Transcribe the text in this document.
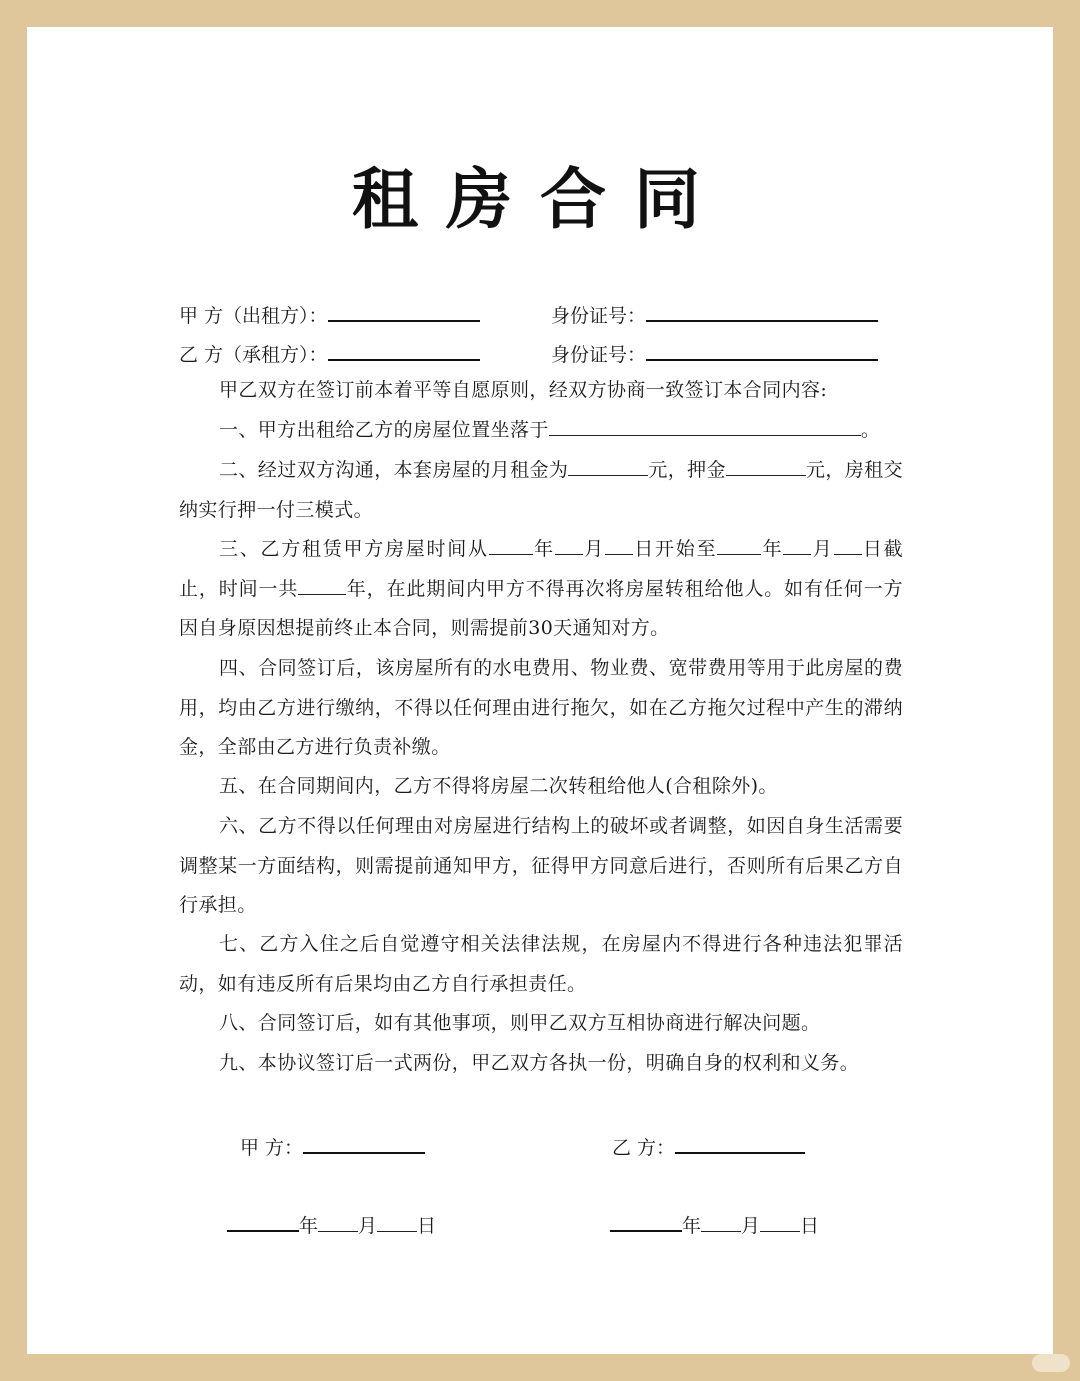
租房合同
甲 方（出租方）：	身份证号：
乙 方（承租方）：	身份证号：

甲乙双方在签订前本着平等自愿原则，经双方协商一致签订本合同内容:

一、甲方出租给乙方的房屋位置坐落于	。

二、经过双方沟通，本套房屋的月租金为	元，押金	元，房租交纳实行押一付三模式。

三、乙方租赁甲方房屋时间从 年 月 日开始至 年 月 日截止，时间一共	年，在此期间内甲方不得再次将房屋转租给他人。如有任何一方因自身原因想提前终止本合同，则需提前30天通知对方。

四、合同签订后，该房屋所有的水电费用、物业费、宽带费用等用于此房屋的费用，均由乙方进行缴纳，不得以任何理由进行拖欠，如在乙方拖欠过程中产生的滞纳金，全部由乙方进行负责补缴。

五、在合同期间内，乙方不得将房屋二次转租给他人(合租除外)。

六、乙方不得以任何理由对房屋进行结构上的破坏或者调整，如因自身生活需要调整某一方面结构，则需提前通知甲方，征得甲方同意后进行，否则所有后果乙方自行承担。

七、乙方入住之后自觉遵守相关法律法规，在房屋内不得进行各种违法犯罪活动，如有违反所有后果均由乙方自行承担责任。

八、合同签订后，如有其他事项，则甲乙双方互相协商进行解决问题。

九、本协议签订后一式两份，甲乙双方各执一份，明确自身的权利和义务。

甲 方：	乙 方：
年 月 日	年 月 日
